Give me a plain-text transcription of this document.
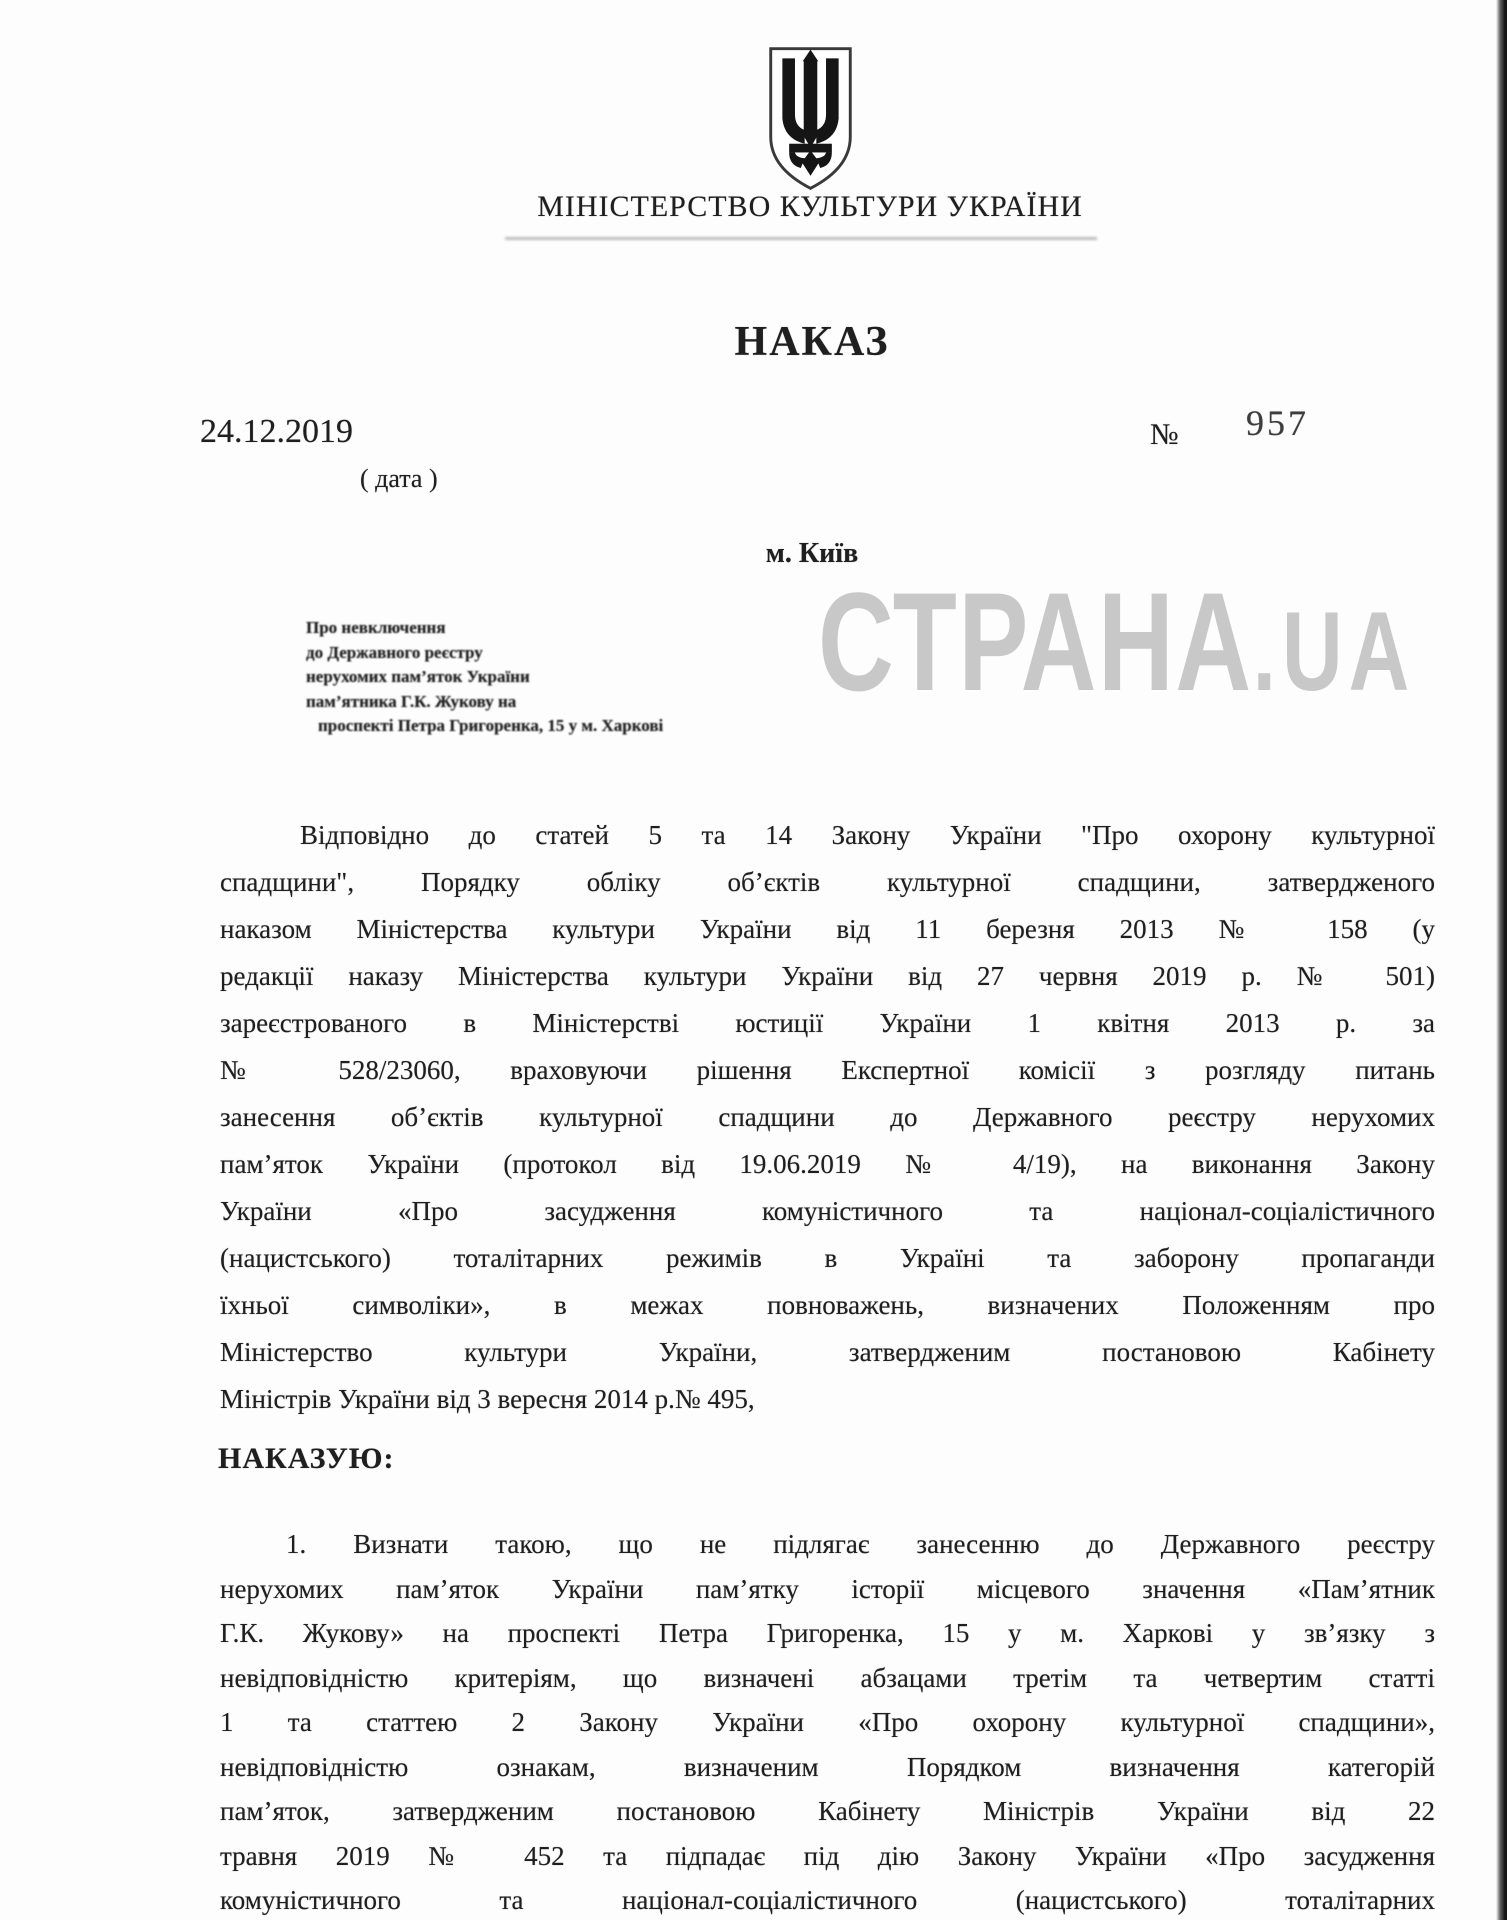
МІНІСТЕРСТВО КУЛЬТУРИ УКРАЇНИ
НАКАЗ
24.12.2019
( дата )
№ 957
м. Київ
Про невключення
до Державного реєстру
нерухомих пам’яток України
пам’ятника Г.К. Жукову на
проспекті Петра Григоренка, 15 у м. Харкові
Відповідно до статей 5 та 14 Закону України "Про охорону культурної
спадщини", Порядку обліку об’єктів культурної спадщини, затвердженого
наказом Міністерства культури України від 11 березня 2013 № 158 (у
редакції наказу Міністерства культури України від 27 червня 2019 р. № 501)
зареєстрованого в Міністерстві юстиції України 1 квітня 2013 р. за
№ 528/23060, враховуючи рішення Експертної комісії з розгляду питань
занесення об’єктів культурної спадщини до Державного реєстру нерухомих
пам’яток України (протокол від 19.06.2019 № 4/19), на виконання Закону
України «Про засудження комуністичного та націонал-соціалістичного
(нацистського) тоталітарних режимів в Україні та заборону пропаганди
їхньої символіки», в межах повноважень, визначених Положенням про
Міністерство культури України, затвердженим постановою Кабінету
Міністрів України від 3 вересня 2014 р.№ 495,
НАКАЗУЮ:
1. Визнати такою, що не підлягає занесенню до Державного реєстру
нерухомих пам’яток України пам’ятку історії місцевого значення «Пам’ятник
Г.К. Жукову» на проспекті Петра Григоренка, 15 у м. Харкові у зв’язку з
невідповідністю критеріям, що визначені абзацами третім та четвертим статті
1 та статтею 2 Закону України «Про охорону культурної спадщини»,
невідповідністю ознакам, визначеним Порядком визначення категорій
пам’яток, затвердженим постановою Кабінету Міністрів України від 22
травня 2019 № 452 та підпадає під дію Закону України «Про засудження
комуністичного та націонал-соціалістичного (нацистського) тоталітарних
СТРАНА.UA
